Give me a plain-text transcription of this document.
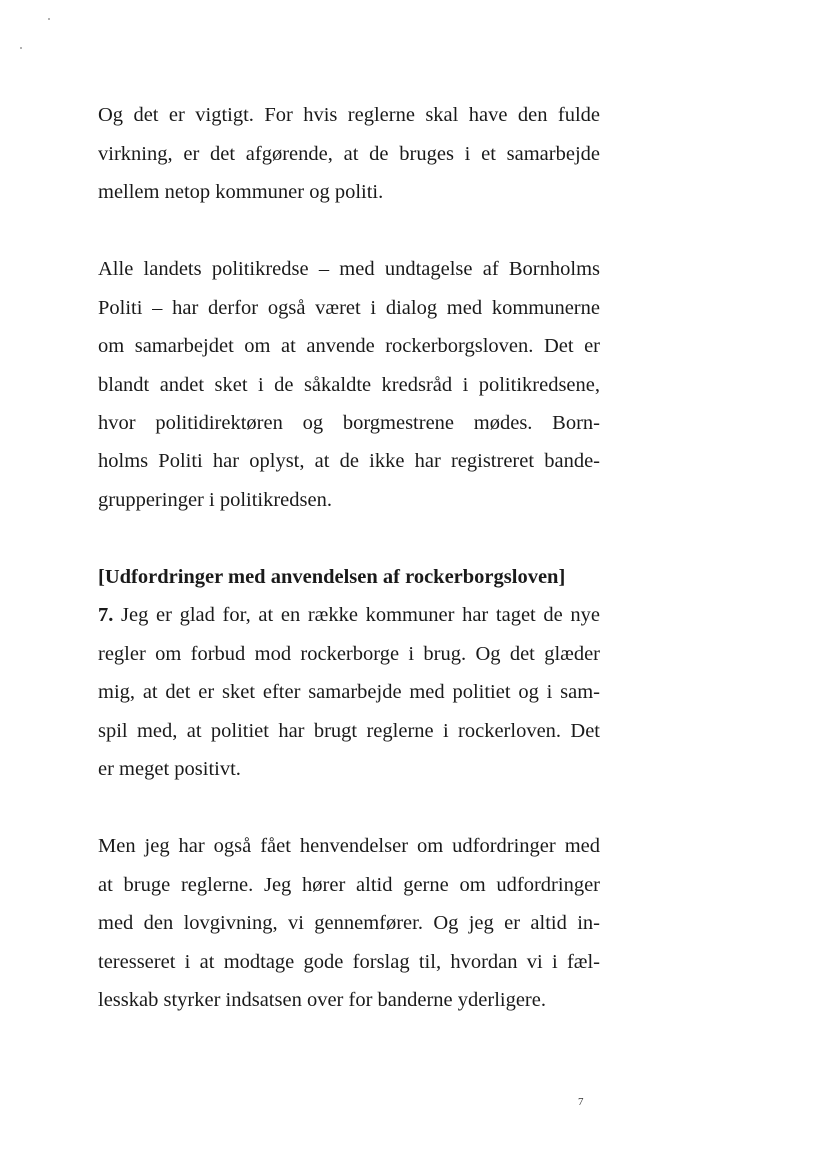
Og det er vigtigt. For hvis reglerne skal have den fulde

virkning, er det afgørende, at de bruges i et samarbejde

mellem netop kommuner og politi.

Alle landets politikredse – med undtagelse af Bornholms

Politi – har derfor også været i dialog med kommunerne

om samarbejdet om at anvende rockerborgsloven. Det er

blandt andet sket i de såkaldte kredsråd i politikredsene,

hvor politidirektøren og borgmestrene mødes. Born-

holms Politi har oplyst, at de ikke har registreret bande-

grupperinger i politikredsen.

[Udfordringer med anvendelsen af rockerborgsloven]

7. Jeg er glad for, at en række kommuner har taget de nye

regler om forbud mod rockerborge i brug. Og det glæder

mig, at det er sket efter samarbejde med politiet og i sam-

spil med, at politiet har brugt reglerne i rockerloven. Det

er meget positivt.

Men jeg har også fået henvendelser om udfordringer med

at bruge reglerne. Jeg hører altid gerne om udfordringer

med den lovgivning, vi gennemfører. Og jeg er altid in-

teresseret i at modtage gode forslag til, hvordan vi i fæl-

lesskab styrker indsatsen over for banderne yderligere.

7
